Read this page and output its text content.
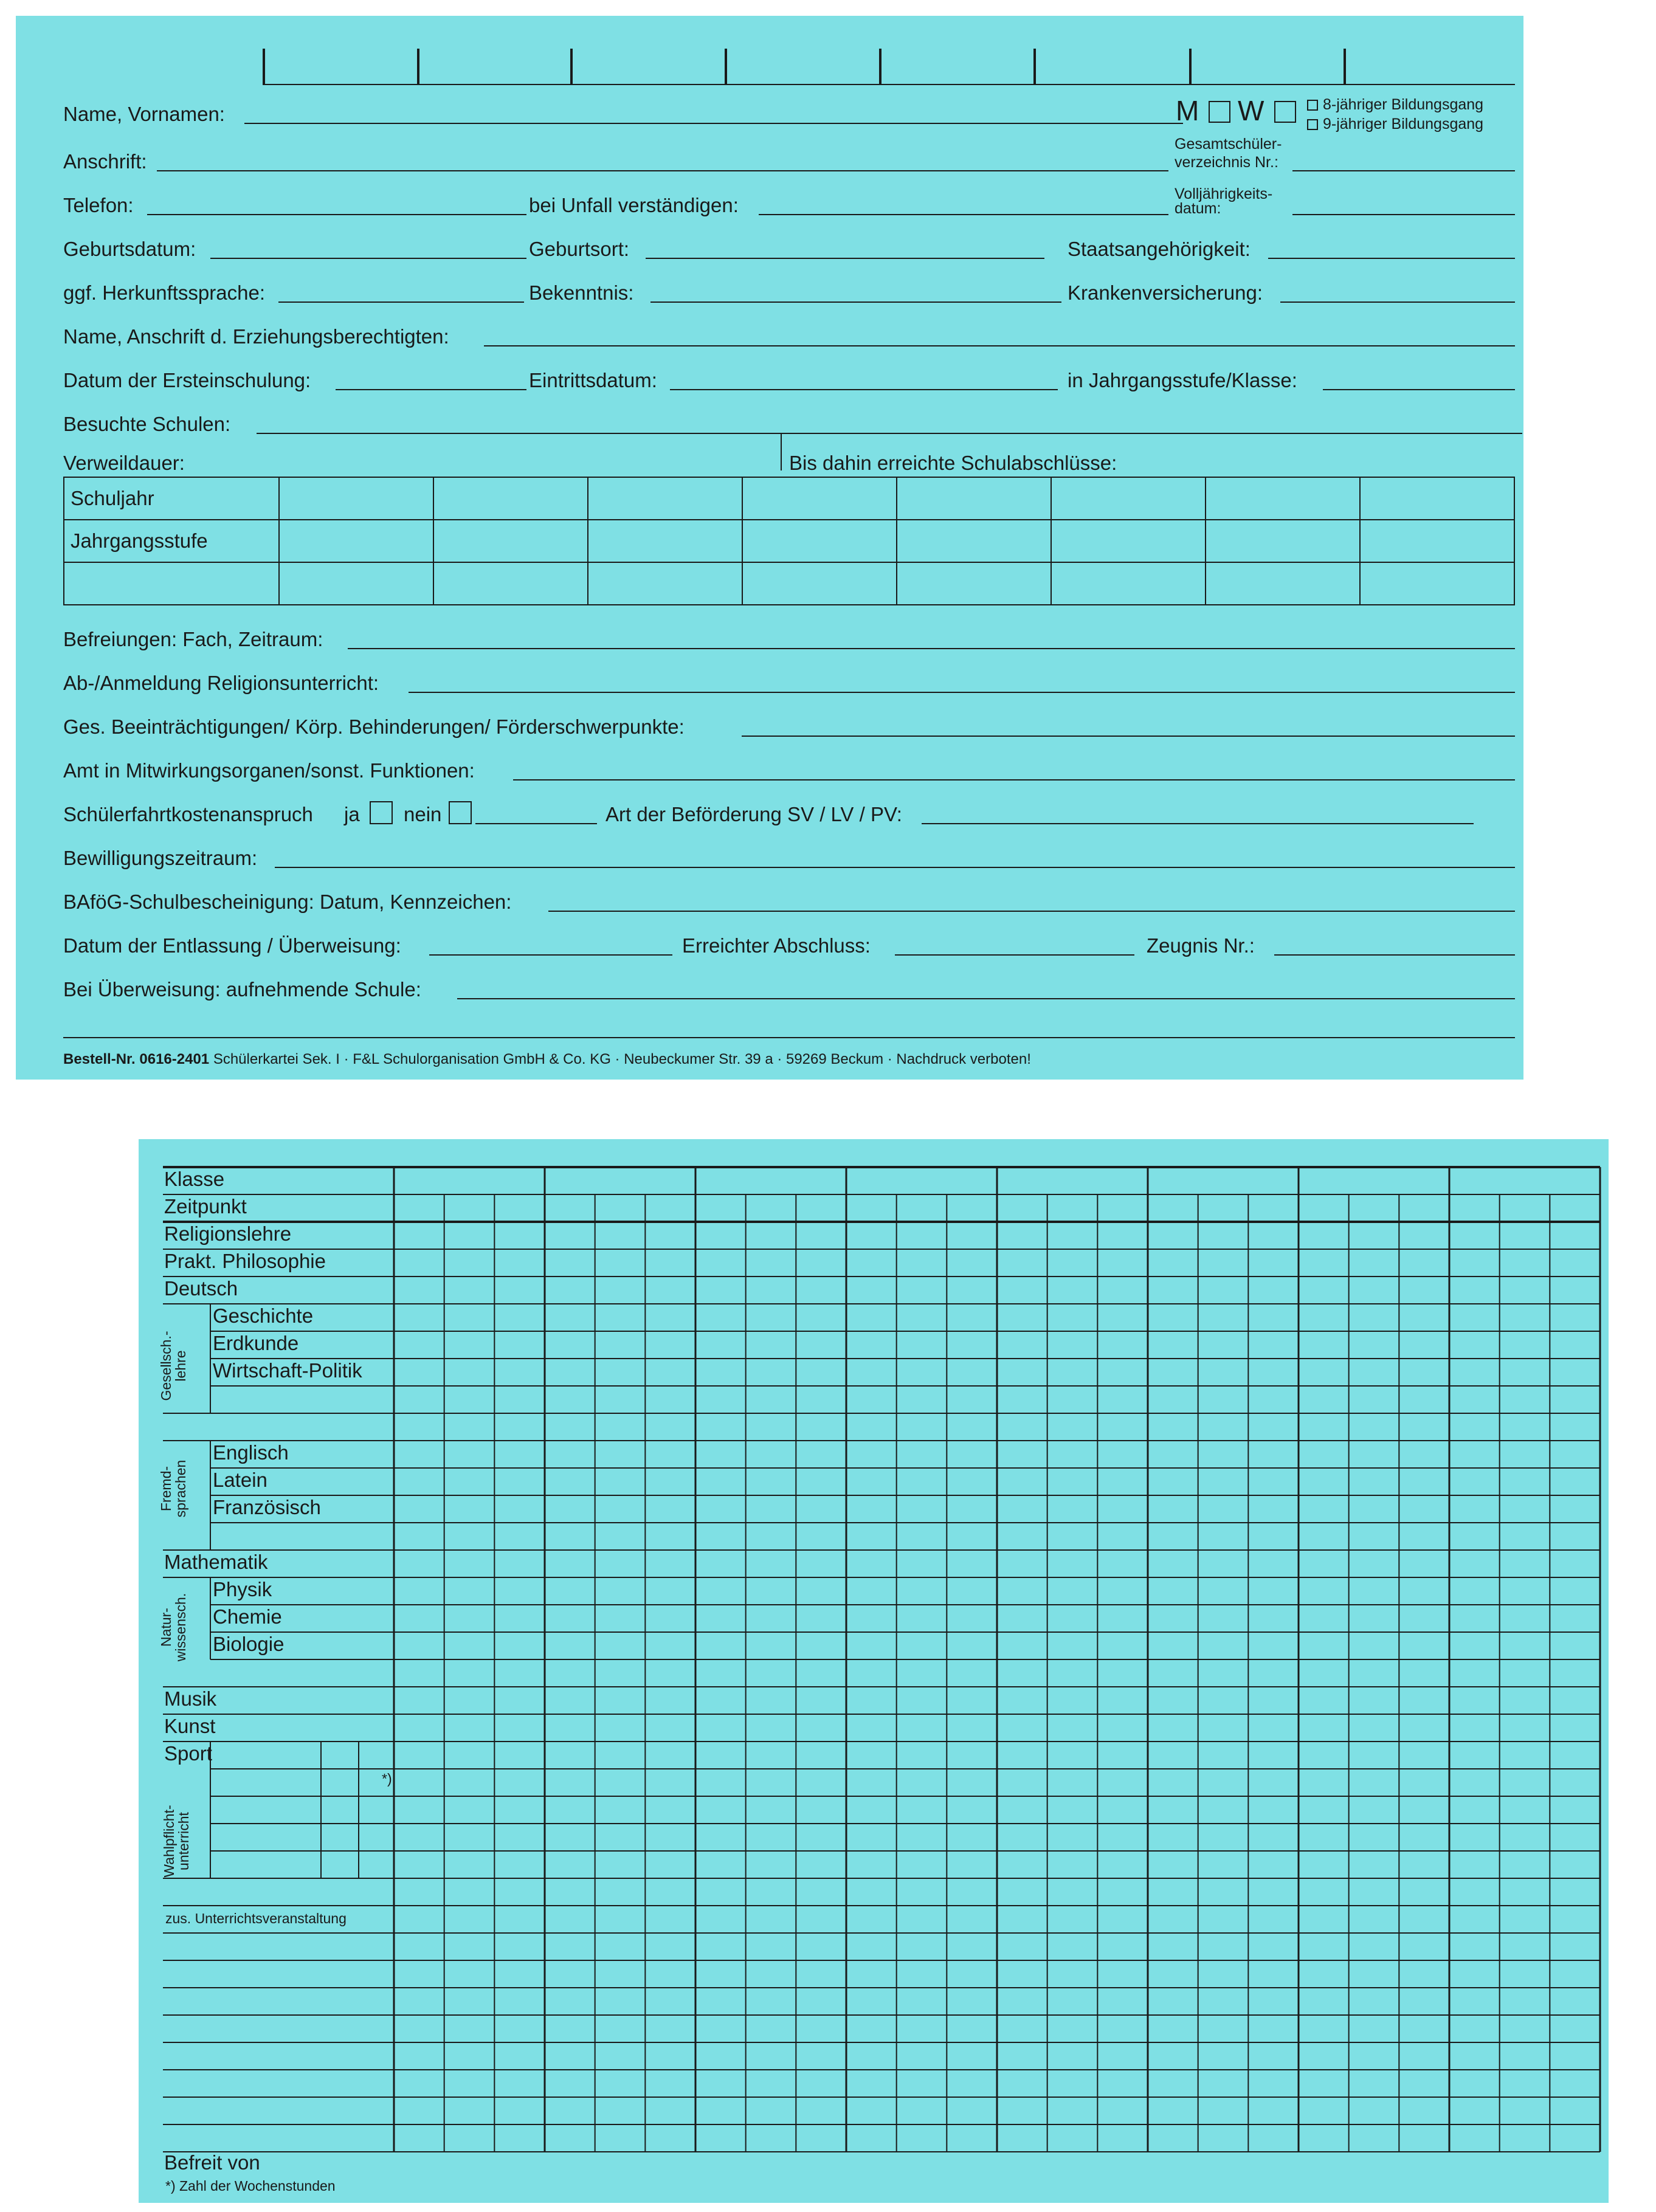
Name, Vornamen:	M W	8-jähriger Bildungsgang
9-jähriger Bildungsgang
Gesamtschüler-
verzeichnis Nr.:
Anschrift:
Telefon:	bei Unfall verständigen:	Volljährigkeits-
datum:
Geburtsdatum:	Geburtsort:	Staatsangehörigkeit:
ggf. Herkunftssprache:	Bekenntnis:	Krankenversicherung:
Name, Anschrift d. Erziehungsberechtigten:
Datum der Ersteinschulung:	Eintrittsdatum:	in Jahrgangsstufe/Klasse:
Besuchte Schulen:
Verweildauer:	Bis dahin erreichte Schulabschlüsse:
Schuljahr								
Jahrgangsstufe								

Befreiungen: Fach, Zeitraum:
Ab-/Anmeldung Religionsunterricht:
Ges. Beeinträchtigungen/ Körp. Behinderungen/ Förderschwerpunkte:
Amt in Mitwirkungsorganen/sonst. Funktionen:
Schülerfahrtkostenanspruch ja nein	Art der Beförderung SV / LV / PV:
Bewilligungszeitraum:
BAföG-Schulbescheinigung: Datum, Kennzeichen:
Datum der Entlassung / Überweisung:	Erreichter Abschluss:	Zeugnis Nr.:
Bei Überweisung: aufnehmende Schule:
Bestell-Nr. 0616-2401 Schülerkartei Sek. I · F&L Schulorganisation GmbH & Co. KG · Neubeckumer Str. 39 a · 59269 Beckum · Nachdruck verboten!
Klasse
Zeitpunkt
Religionslehre
Prakt. Philosophie
Deutsch
Gesellsch.- lehre
Geschichte
Erdkunde
Wirtschaft-Politik
Fremd- sprachen
Englisch
Latein
Französisch
Mathematik
Natur- wissensch.
Physik
Chemie
Biologie
Musik
Kunst
Sport
Wahlpflicht- unterricht
*)
zus. Unterrichtsveranstaltung
Befreit von
*) Zahl der Wochenstunden
